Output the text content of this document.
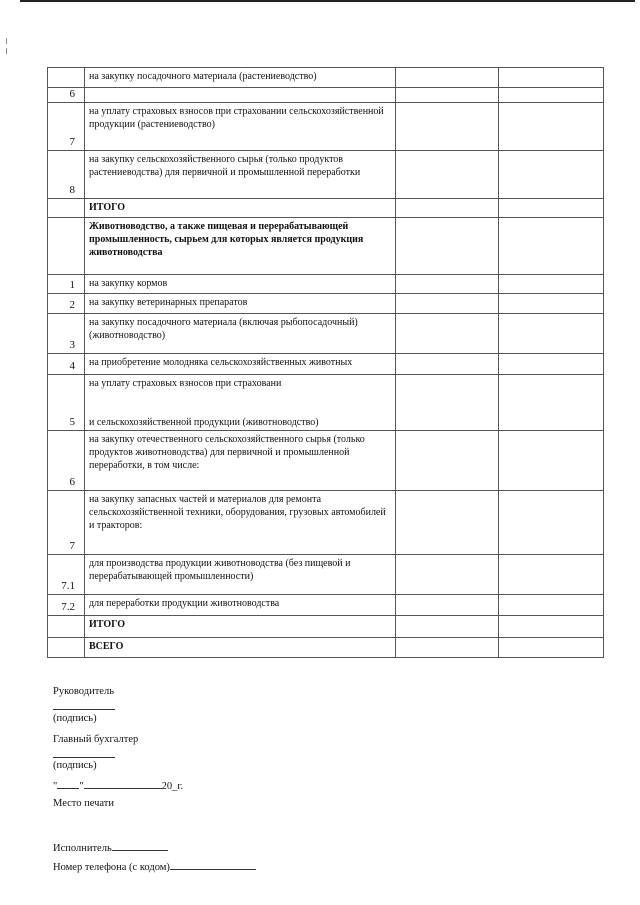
	на закупку посадочного материала (растениеводство)		
6			
7	на уплату страховых взносов при страховании сельскохозяйственной продукции (растениеводство)		
8	на закупку сельскохозяйственного сырья (только продуктов растениеводства) для первичной и промышленной переработки		
	ИТОГО		
	Животноводство, а также пищевая и перерабатывающей промышленность, сырьем для которых является продукция животноводства		
1	на закупку кормов		
2	на закупку ветеринарных препаратов		
3	на закупку посадочного материала (включая рыбопосадочный) (животноводство)		
4	на приобретение молодняка сельскохозяйственных животных		
5	на уплату страховых взносов при страховани

и сельскохозяйственной продукции (животноводство)		
6	на закупку отечественного сельскохозяйственного сырья (только продуктов животноводства) для первичной и промышленной переработки, в том числе:		
7	на закупку запасных частей и материалов для ремонта сельскохозяйственной техники, оборудования, грузовых автомобилей и тракторов:		
7.1	для производства продукции животноводства (без пищевой и перерабатывающей промышленности)		
7.2	для переработки продукции животноводства		
	ИТОГО		
	ВСЕГО		
Руководитель
(подпись)
Главный бухгалтер
(подпись)
" "	20_г.
Место печати
Исполнитель
Номер телефона (с кодом)
